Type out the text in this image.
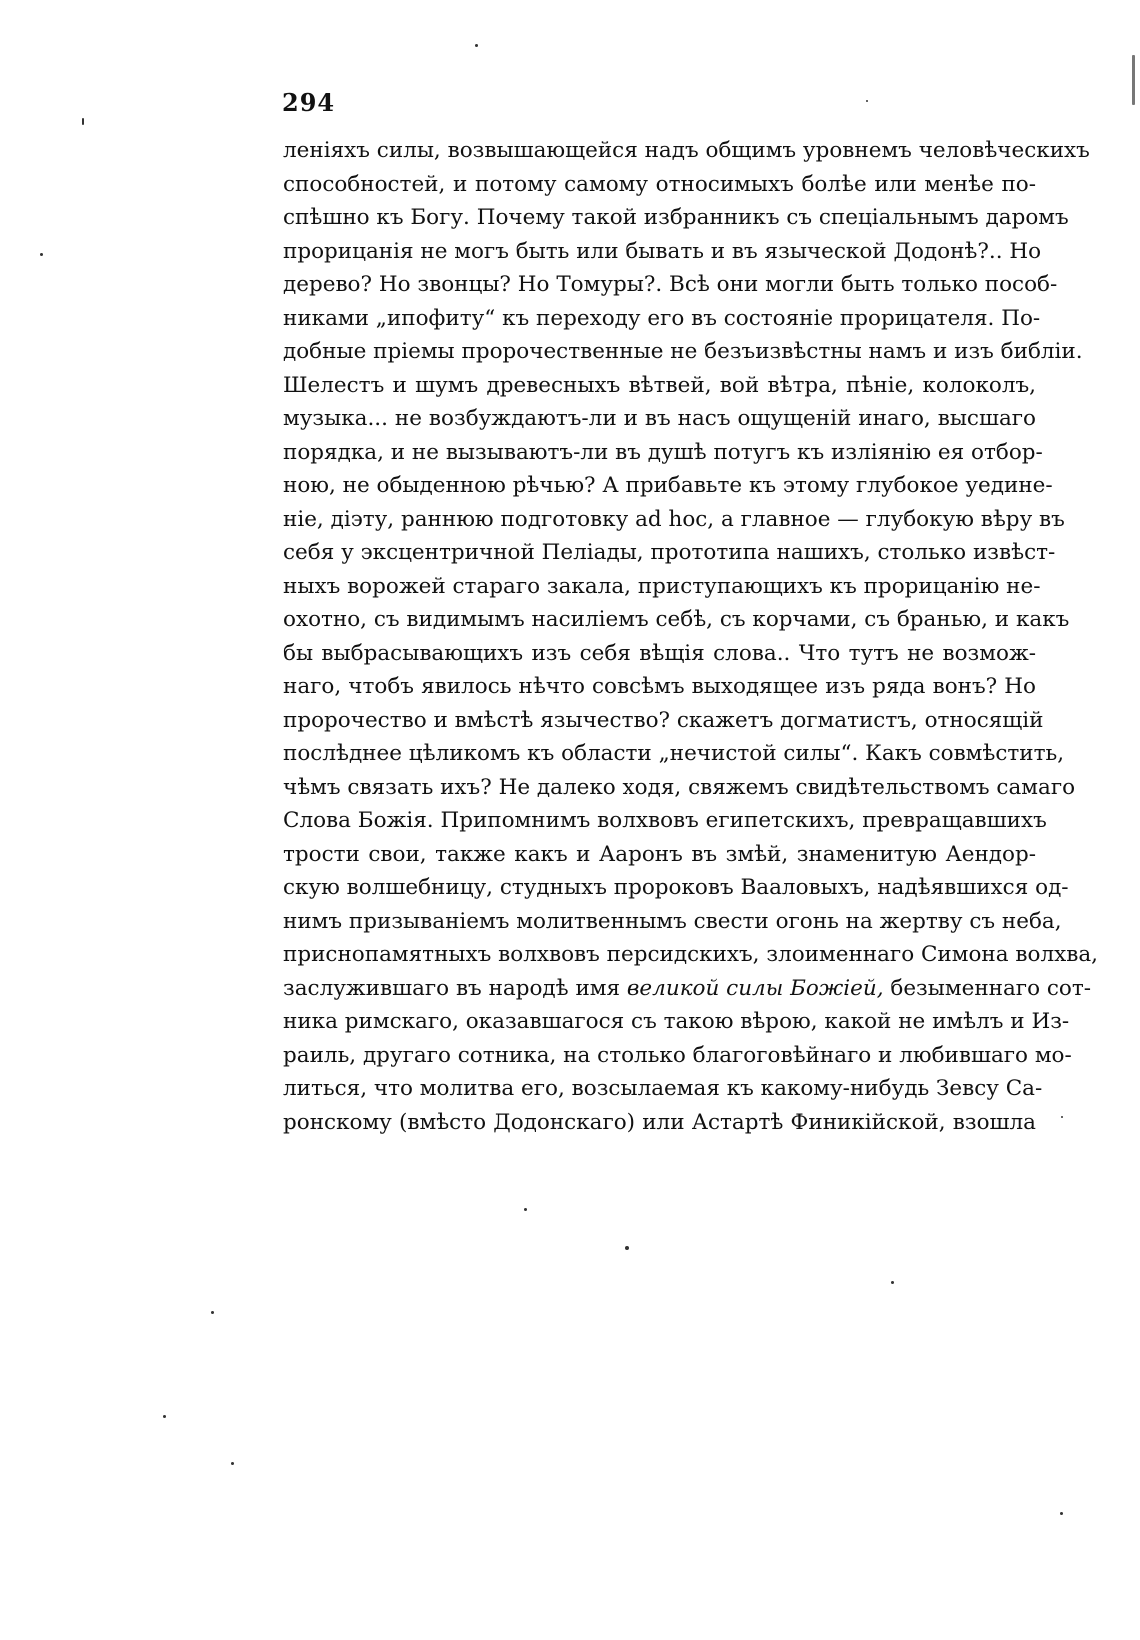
294

леніяхъ силы, возвышающейся надъ общимъ уровнемъ человѣческихъ
способностей, и потому самому относимыхъ болѣе или менѣе по-
спѣшно къ Богу. Почему такой избранникъ съ спеціальнымъ даромъ
прорицанія не могъ быть или бывать и въ языческой Додонѣ?.. Но
дерево? Но звонцы? Но Томуры?. Всѣ они могли быть только пособ-
никами „ипофиту“ къ переходу его въ состояніе прорицателя. По-
добные пріемы пророчественные не безъизвѣстны намъ и изъ библіи.
Шелестъ и шумъ древесныхъ вѣтвей, вой вѣтра, пѣніе, колоколъ,
музыка... не возбуждаютъ-ли и въ насъ ощущеній инаго, высшаго
порядка, и не вызываютъ-ли въ душѣ потугъ къ изліянію ея отбор-
ною, не обыденною рѣчью? А прибавьте къ этому глубокое уедине-
ніе, діэту, раннюю подготовку ad hoc, а главное — глубокую вѣру въ
себя у эксцентричной Пеліады, прототипа нашихъ, столько извѣст-
ныхъ ворожей стараго закала, приступающихъ къ прорицанію не-
охотно, съ видимымъ насиліемъ себѣ, съ корчами, съ бранью, и какъ
бы выбрасывающихъ изъ себя вѣщія слова.. Что тутъ не возмож-
наго, чтобъ явилось нѣчто совсѣмъ выходящее изъ ряда вонъ? Но
пророчество и вмѣстѣ язычество? скажетъ догматистъ, относящій
послѣднее цѣликомъ къ области „нечистой силы“. Какъ совмѣстить,
чѣмъ связать ихъ? Не далеко ходя, свяжемъ свидѣтельствомъ самаго
Слова Божія. Припомнимъ волхвовъ египетскихъ, превращавшихъ
трости свои, также какъ и Ааронъ въ змѣй, знаменитую Аендор-
скую волшебницу, студныхъ пророковъ Вааловыхъ, надѣявшихся од-
нимъ призываніемъ молитвеннымъ свести огонь на жертву съ неба,
приснопамятныхъ волхвовъ персидскихъ, злоименнаго Симона волхва,
заслужившаго въ народѣ имя великой силы Божіей, безыменнаго сот-
ника римскаго, оказавшагося съ такою вѣрою, какой не имѣлъ и Из-
раиль, другаго сотника, на столько благоговѣйнаго и любившаго мо-
литься, что молитва его, возсылаемая къ какому-нибудь Зевсу Са-
ронскому (вмѣсто Додонскаго) или Астартѣ Финикійской, взошла
